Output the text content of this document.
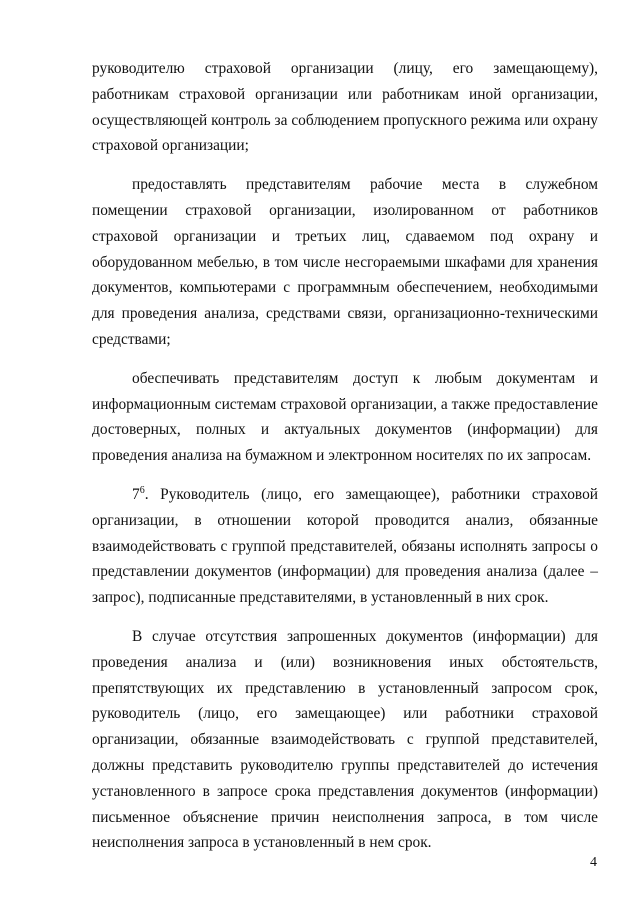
руководителю страховой организации (лицу, его замещающему), работникам страховой организации или работникам иной организации, осуществляющей контроль за соблюдением пропускного режима или охрану страховой организации;

предоставлять представителям рабочие места в служебном помещении страховой организации, изолированном от работников страховой организации и третьих лиц, сдаваемом под охрану и оборудованном мебелью, в том числе несгораемыми шкафами для хранения документов, компьютерами с программным обеспечением, необходимыми для проведения анализа, средствами связи, организационно-техническими средствами;

обеспечивать представителям доступ к любым документам и информационным системам страховой организации, а также предоставление достоверных, полных и актуальных документов (информации) для проведения анализа на бумажном и электронном носителях по их запросам.

$7^6$. Руководитель (лицо, его замещающее), работники страховой организации, в отношении которой проводится анализ, обязанные взаимодействовать с группой представителей, обязаны исполнять запросы о представлении документов (информации) для проведения анализа (далее – запрос), подписанные представителями, в установленный в них срок.

В случае отсутствия запрошенных документов (информации) для проведения анализа и (или) возникновения иных обстоятельств, препятствующих их представлению в установленный запросом срок, руководитель (лицо, его замещающее) или работники страховой организации, обязанные взаимодействовать с группой представителей, должны представить руководителю группы представителей до истечения установленного в запросе срока представления документов (информации) письменное объяснение причин неисполнения запроса, в том числе неисполнения запроса в установленный в нем срок.

4
